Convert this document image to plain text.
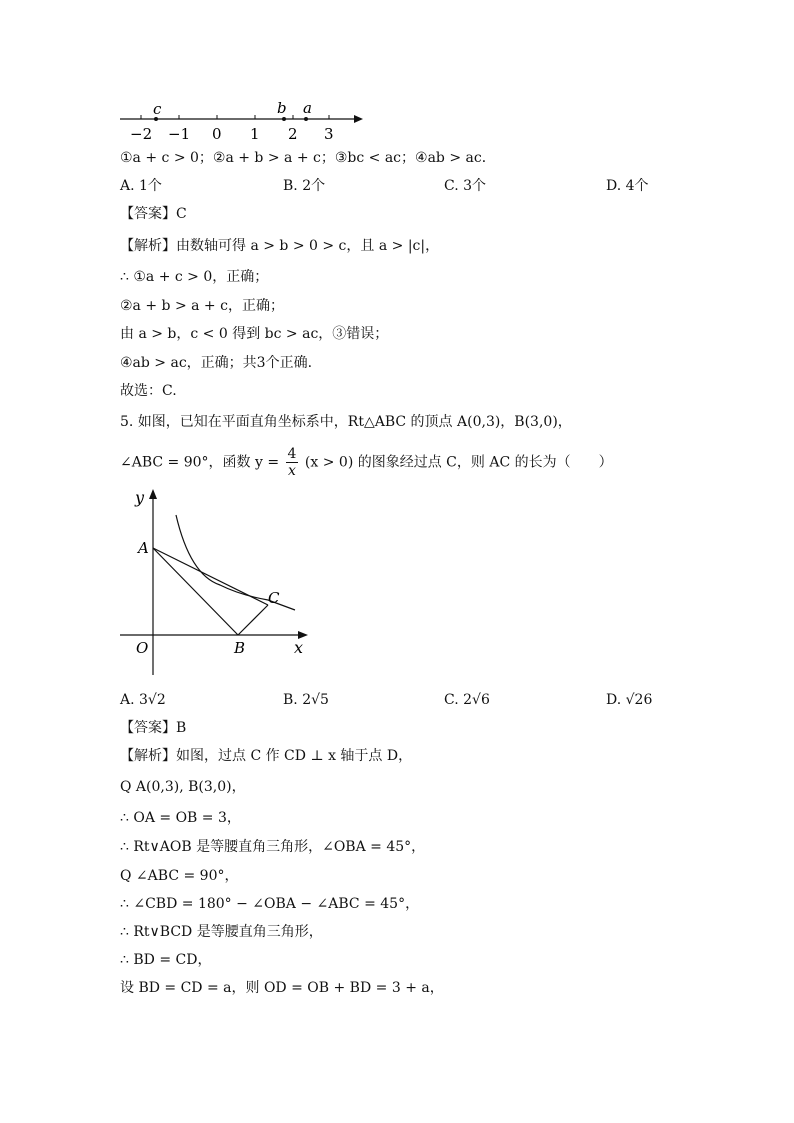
c	b a
−2 −1 0 1 2 3
①a + c > 0；②a + b > a + c；③bc < ac；④ab > ac．
A. 1个	B. 2个	C. 3个	D. 4个
【答案】C
【解析】由数轴可得 a > b > 0 > c，且 a > |c|，
∴ ①a + c > 0，正确；
②a + b > a + c，正确；
由 a > b，c < 0 得到 bc > ac，③错误；
④ab > ac，正确；共3个正确.
故选：C.
5. 如图，已知在平面直角坐标系中，Rt△ABC 的顶点 A(0,3)，B(3,0)，
∠ABC = 90°，函数 $y = \frac{4}{x} (x > 0)$ 的图象经过点 C，则 AC 的长为（　　）
y
x
O
A
B
C
A. 3√2	B. 2√5	C. 2√6	D. √26
【答案】B
【解析】如图，过点 C 作 CD ⊥ x 轴于点 D，
Q A(0,3), B(3,0)，
∴ OA = OB = 3，
∴ Rt∨AOB 是等腰直角三角形，∠OBA = 45°，
Q ∠ABC = 90°，
∴ ∠CBD = 180° − ∠OBA − ∠ABC = 45°，
∴ Rt∨BCD 是等腰直角三角形，
∴ BD = CD，
设 BD = CD = a，则 OD = OB + BD = 3 + a，
